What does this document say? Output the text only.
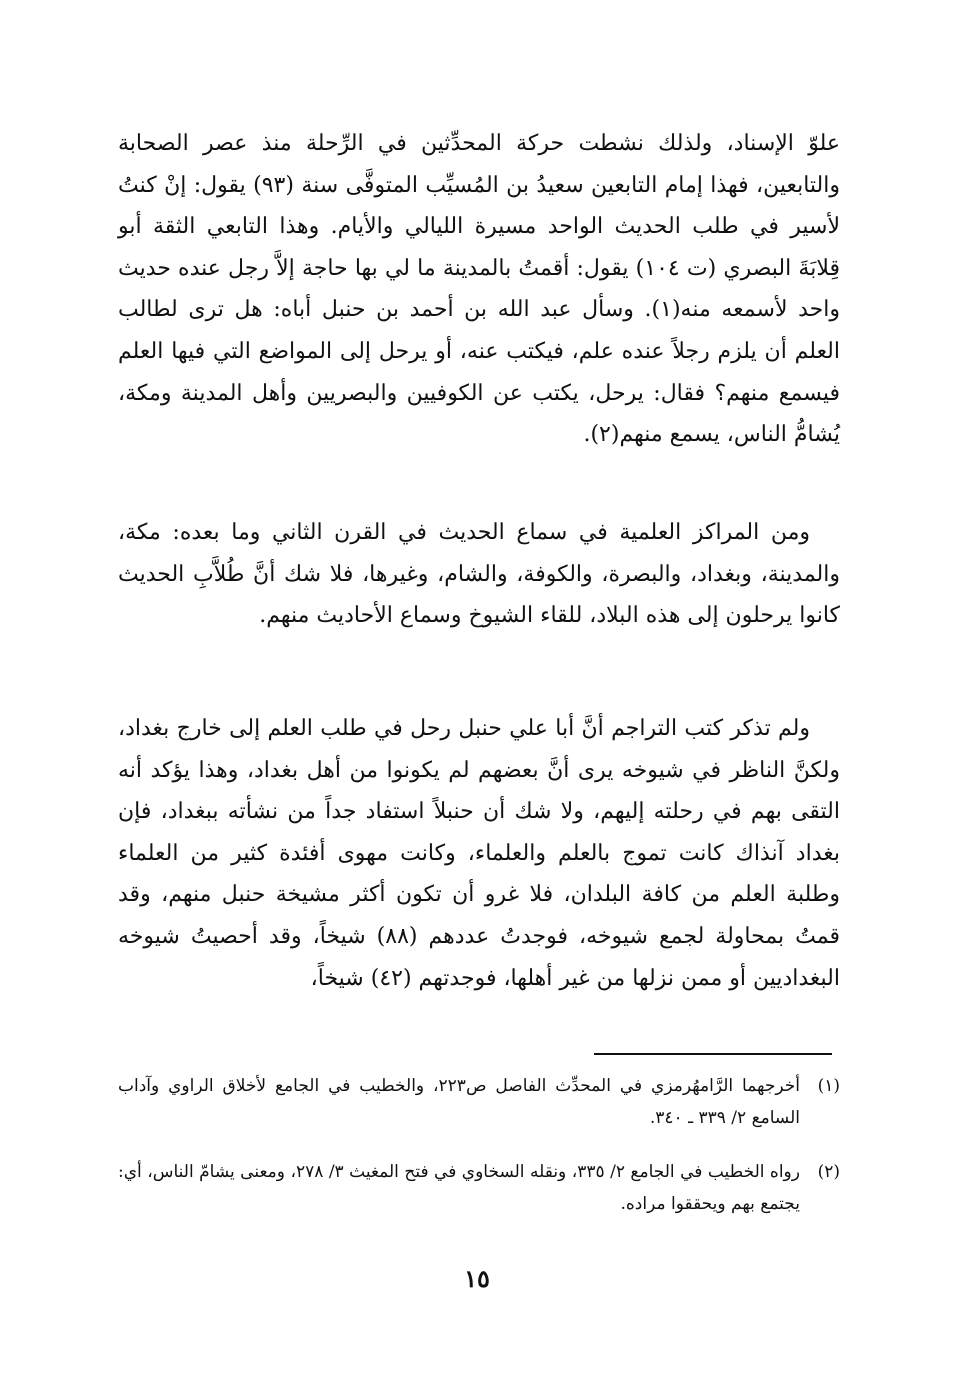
علوّ الإسناد، ولذلك نشطت حركة المحدِّثين في الرِّحلة منذ عصر الصحابة والتابعين، فهذا إمام التابعين سعيدُ بن المُسيِّب المتوفَّى سنة (٩٣) يقول: إنْ كنتُ لأسير في طلب الحديث الواحد مسيرة الليالي والأيام. وهذا التابعي الثقة أبو قِلابَةَ البصري (ت ١٠٤) يقول: أقمتُ بالمدينة ما لي بها حاجة إلاَّ رجل عنده حديث واحد لأسمعه منه(١). وسأل عبد الله بن أحمد بن حنبل أباه: هل ترى لطالب العلم أن يلزم رجلاً عنده علم، فيكتب عنه، أو يرحل إلى المواضع التي فيها العلم فيسمع منهم؟ فقال: يرحل، يكتب عن الكوفيين والبصريين وأهل المدينة ومكة، يُشامُّ الناس، يسمع منهم(٢).

ومن المراكز العلمية في سماع الحديث في القرن الثاني وما بعده: مكة، والمدينة، وبغداد، والبصرة، والكوفة، والشام، وغيرها، فلا شك أنَّ طُلاَّبِ الحديث كانوا يرحلون إلى هذه البلاد، للقاء الشيوخ وسماع الأحاديث منهم.

ولم تذكر كتب التراجم أنَّ أبا علي حنبل رحل في طلب العلم إلى خارج بغداد، ولكنَّ الناظر في شيوخه يرى أنَّ بعضهم لم يكونوا من أهل بغداد، وهذا يؤكد أنه التقى بهم في رحلته إليهم، ولا شك أن حنبلاً استفاد جداً من نشأته ببغداد، فإن بغداد آنذاك كانت تموج بالعلم والعلماء، وكانت مهوى أفئدة كثير من العلماء وطلبة العلم من كافة البلدان، فلا غرو أن تكون أكثر مشيخة حنبل منهم، وقد قمتُ بمحاولة لجمع شيوخه، فوجدتُ عددهم (٨٨) شيخاً، وقد أحصيتُ شيوخه البغداديين أو ممن نزلها من غير أهلها، فوجدتهم (٤٢) شيخاً،

(١)
أخرجهما الرَّامهُرمزي في المحدِّث الفاصل ص٢٢٣، والخطيب في الجامع لأخلاق الراوي وآداب السامع ٢/ ٣٣٩ ـ ٣٤٠.
(٢)
رواه الخطيب في الجامع ٢/ ٣٣٥، ونقله السخاوي في فتح المغيث ٣/ ٢٧٨، ومعنى يشامّ الناس، أي: يجتمع بهم ويحققوا مراده.
١٥
